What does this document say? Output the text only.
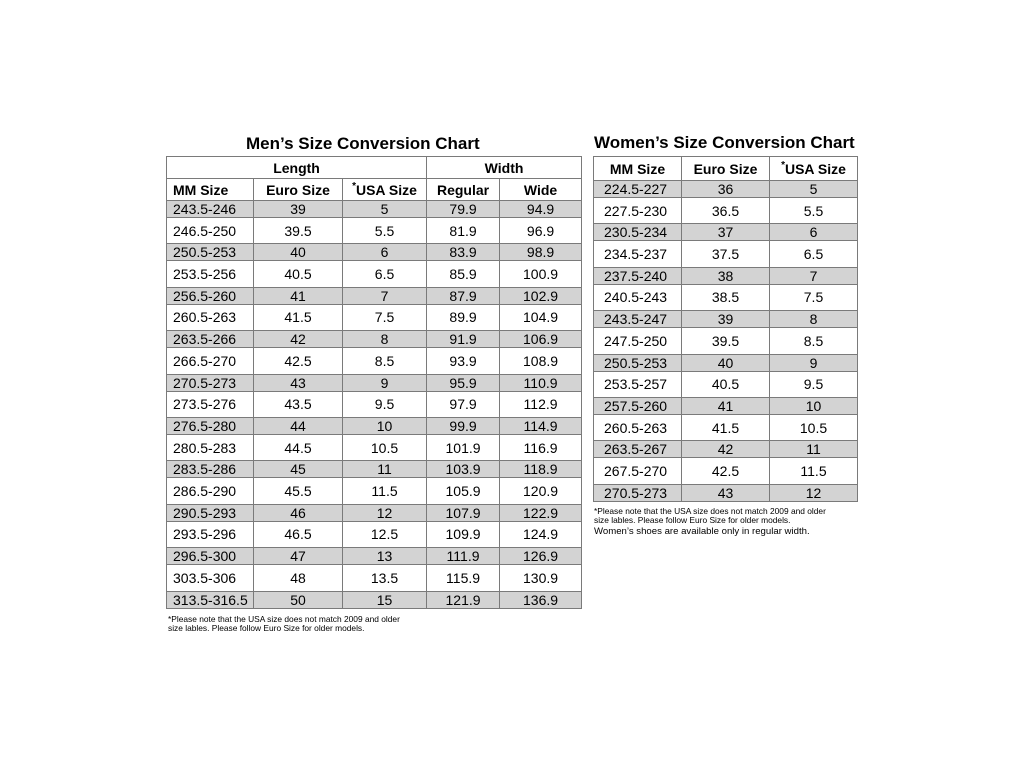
Men’s Size Conversion Chart
Length			Width	
MM Size	Euro Size	*USA Size	Regular	Wide
243.5-246	39	5	79.9	94.9
246.5-250	39.5	5.5	81.9	96.9
250.5-253	40	6	83.9	98.9
253.5-256	40.5	6.5	85.9	100.9
256.5-260	41	7	87.9	102.9
260.5-263	41.5	7.5	89.9	104.9
263.5-266	42	8	91.9	106.9
266.5-270	42.5	8.5	93.9	108.9
270.5-273	43	9	95.9	110.9
273.5-276	43.5	9.5	97.9	112.9
276.5-280	44	10	99.9	114.9
280.5-283	44.5	10.5	101.9	116.9
283.5-286	45	11	103.9	118.9
286.5-290	45.5	11.5	105.9	120.9
290.5-293	46	12	107.9	122.9
293.5-296	46.5	12.5	109.9	124.9
296.5-300	47	13	111.9	126.9
303.5-306	48	13.5	115.9	130.9
313.5-316.5	50	15	121.9	136.9
*Please note that the USA size does not match 2009 and older
size lables. Please follow Euro Size for older models.
Women’s Size Conversion Chart
MM Size	Euro Size	*USA Size
224.5-227	36	5
227.5-230	36.5	5.5
230.5-234	37	6
234.5-237	37.5	6.5
237.5-240	38	7
240.5-243	38.5	7.5
243.5-247	39	8
247.5-250	39.5	8.5
250.5-253	40	9
253.5-257	40.5	9.5
257.5-260	41	10
260.5-263	41.5	10.5
263.5-267	42	11
267.5-270	42.5	11.5
270.5-273	43	12
*Please note that the USA size does not match 2009 and older
size lables. Please follow Euro Size for older models.
Women’s shoes are available only in regular width.
